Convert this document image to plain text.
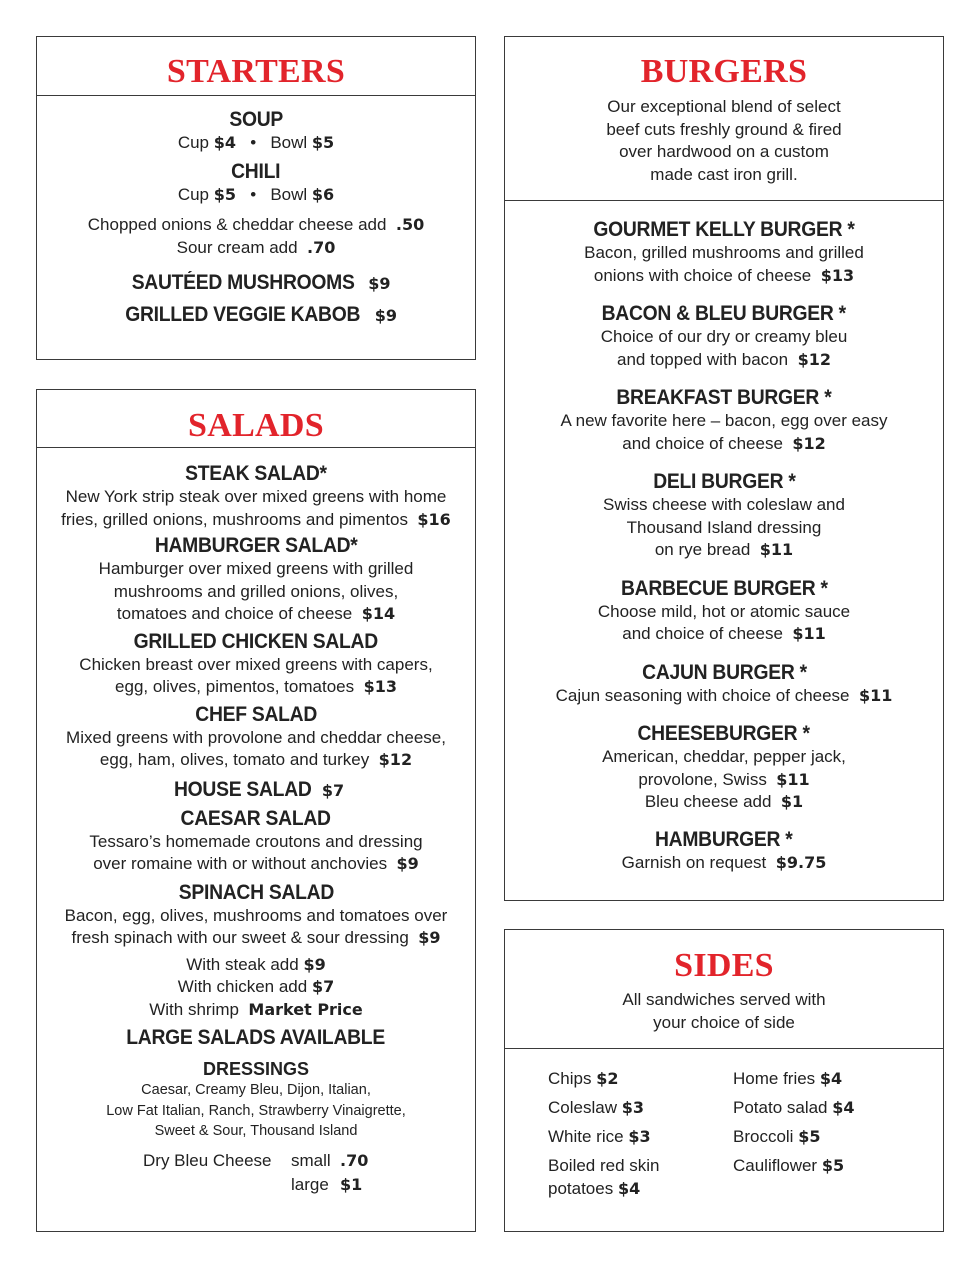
STARTERS
SOUP
Cup $4 • Bowl $5
CHILI
Cup $5 • Bowl $6
Chopped onions & cheddar cheese add .50
Sour cream add .70
SAUTÉED MUSHROOMS $9
GRILLED VEGGIE KABOB $9
SALADS
STEAK SALAD*
New York strip steak over mixed greens with home
fries, grilled onions, mushrooms and pimentos $16
HAMBURGER SALAD*
Hamburger over mixed greens with grilled
mushrooms and grilled onions, olives,
tomatoes and choice of cheese $14
GRILLED CHICKEN SALAD
Chicken breast over mixed greens with capers,
egg, olives, pimentos, tomatoes $13
CHEF SALAD
Mixed greens with provolone and cheddar cheese,
egg, ham, olives, tomato and turkey $12
HOUSE SALAD $7
CAESAR SALAD
Tessaro’s homemade croutons and dressing
over romaine with or without anchovies $9
SPINACH SALAD
Bacon, egg, olives, mushrooms and tomatoes over
fresh spinach with our sweet & sour dressing $9
With steak add $9
With chicken add $7
With shrimp Market Price
LARGE SALADS AVAILABLE
DRESSINGS
Caesar, Creamy Bleu, Dijon, Italian,
Low Fat Italian, Ranch, Strawberry Vinaigrette,
Sweet & Sour, Thousand Island
Dry Bleu Cheese small .70
large $1
BURGERS
Our exceptional blend of select
beef cuts freshly ground & fired
over hardwood on a custom
made cast iron grill.
GOURMET KELLY BURGER *
Bacon, grilled mushrooms and grilled
onions with choice of cheese $13
BACON & BLEU BURGER *
Choice of our dry or creamy bleu
and topped with bacon $12
BREAKFAST BURGER *
A new favorite here – bacon, egg over easy
and choice of cheese $12
DELI BURGER *
Swiss cheese with coleslaw and
Thousand Island dressing
on rye bread $11
BARBECUE BURGER *
Choose mild, hot or atomic sauce
and choice of cheese $11
CAJUN BURGER *
Cajun seasoning with choice of cheese $11
CHEESEBURGER *
American, cheddar, pepper jack,
provolone, Swiss $11
Bleu cheese add $1
HAMBURGER *
Garnish on request $9.75
SIDES
All sandwiches served with
your choice of side
Chips $2
Coleslaw $3
White rice $3
Boiled red skin
potatoes $4
Home fries $4
Potato salad $4
Broccoli $5
Cauliflower $5
